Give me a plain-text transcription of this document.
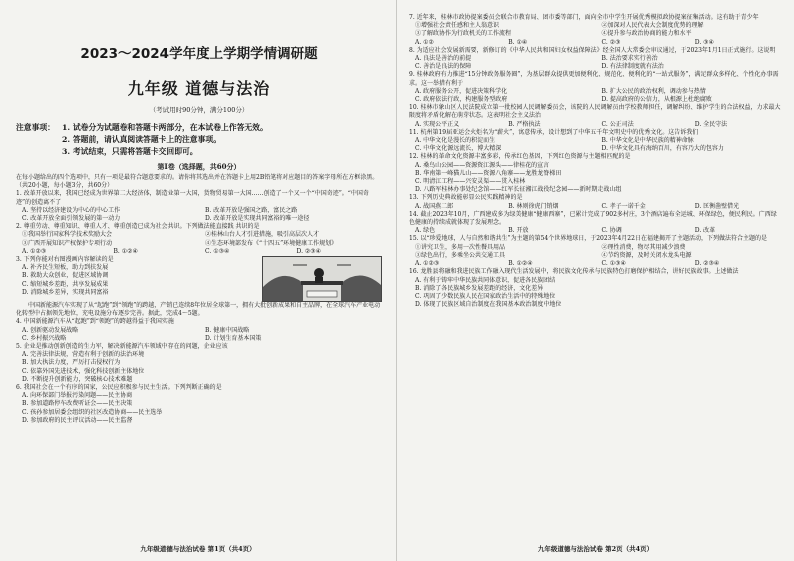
2023～2024学年度上学期学情调研题
九年级 道德与法治
（考试用时90分钟，满分100分）
注意事项： 1. 试卷分为试题卷和答题卡两部分，在本试卷上作答无效。
2. 答题前，请认真阅读答题卡上的注意事项。
3. 考试结束，只需将答题卡交回即可。
第Ⅰ卷（选择题，共60分）
在每小题给出的四个选项中，只有一项是最符合题意要求的。请你将其选出并在答题卡上用2B铅笔将对应题目的答案字母所在方框涂黑。（共20小题，每小题3分，共60分）
1. 改革开放以来，我国已经成为世界第二大经济体，制造业第一大国，货物贸易第一大国……创造了一个又一个“中国奇迹”。“中国奇迹”的创造离不了
A. 坚持以经济建设为中心的中心工作	B. 改革开放是强国之路，富民之路
C. 改革开放全面引领发展的第一动力	D. 改革开放是实现共同富裕的唯一途径
2. 尊重劳动、尊重知识、尊重人才、尊重创造已成为社会共识。下列做法能直接践 共识的是
①我国举行国家科学技术奖励大会	②桂林山台人才引进措施，吸引高层次人才
③广西开展知识产权保护专项行动	④生态环境部发布《“十四五”环境健康工作规划》
A. ①②③	B. ①②④	C. ①③④	D. ②③④
3. 下列你能对右图漫画内容解读的是
A. 补齐民生短板，助力到扶发展
B. 救助大众创业，促进区域协调
C. 缩短城乡差距，共享发展成果
D. 消除城乡差异，实现共同富裕
中国新能源汽车实现了从“起跑”到“领跑”的跨越，产销已连续8年位居全球第一，拥有大批创新成果和自主品牌，在全球汽车产业电动化转型中占据领先地位，充电设施分布逐步完善。据此，完成4～5题。
4. 中国新能源汽车从“起跑”到“领跑”的跨越得益于我国实施
A. 创新驱动发展战略	B. 健康中国战略
C. 乡村振兴战略	D. 计划生育基本国策
5. 企业是推动创新创造的生力军，解决新能源汽车领域中存在的问题，企业应该
A. 完善法律法规，营造有利于创新的法治环境
B. 加大执法力度，严厉打击侵权行为
C. 依靠外国先进技术，强化科技创新主体地位
D. 不断提升创新能力，突破核心技术难题
6. 我国社会在一个有序的国家，公民应积极参与民主生活。下列判断正确的是
A. 向环保部门举报污染问题——民主协商
B. 参加道路停车改费听证会——民主决策
C. 孩孙参加居委会组织的社区改造协商——民主选举
D. 参加政府的民主评议活动——民主监督
九年级道德与法治试卷 第1页（共4页）
7. 近年来，桂林市政协提案委员会联合市教育局、团市委等部门，面向全市中学生开展优秀模拟政协提案征集活动。这有助于青少年
①增强社会责任感和主人翁意识	②加深对人民代表大会制度优势的理解
③了解政协作为行政机关的工作流程	④提升参与政治协商的能力和水平
A. ①②	B. ①④	C. ②③	D. ③④
8. 为适应社会发展新需要，新修订的《中华人民共和国妇女权益保障法》经全国人大常委会审议通过，于2023年1月1日正式施行。这说明
A. 良法是善治的前提	B. 法治要求实行善治
C. 善治是良法的保障	D. 有法律制度就有法治
9. 桂林政府有力推进“15分钟政务服务圈”，为基层群众提供更加便利化、规范化、便利化的“一站式服务”，满足群众多样化、个性化办事需求。这一举措有利于
A. 政府服务公开，促进决策科学化	B. 扩大公民的政治权利，调动参与热情
C. 政府依法行政，构建服务型政府	D. 提高政府的公信力，从根源上杜绝腐败
10. 桂林市象山区人民法院成立第一批校园人民调解委员会，该院的人民调解员由学校教师担任，调解纠纷、维护学生的合法权益，力求最大限度将矛盾化解在萌芽状态。这表明社会主义法治
A. 实现公平正义	B. 严格执法	C. 公正司法	D. 全民守法
11. 杭州第19届亚运会火炬名为“薪火”，寓意传承，设计想到了中华五千年文明史中的优秀文化。这告诉我们
A. 中华文化是漫长的积淀而生	B. 中华文化是中华民族的精神命脉
C. 中华文化源远流长，博大精深	D. 中华文化具有海纳百川，有容乃大的包容力
12. 桂林的革命文化资源丰富多彩，传承红色基因，下列红色资源与主题相匹配的是
A. 桑鸟山公园——资源资江源头——律桂花的宣言
B. 华南第一峰猫儿山——资源八角寨——龙胜龙脊梯田
C. 明清江工程——兴安灵渠——贯入桂林
D. 八路军桂林办事处纪念馆——红军长征湘江战役纪念园——新时期走战山组
13. 下列历史典故能彰显公民实践精神的是
A. 战国燕二郎	B. 林则徐虎门销烟	C. 孝子一诺千金	D. 匡衡凿壁借光
14. 截止2023年10月，广西建成多为绿美健康“健康西寨”，已累计完成了902多村庄，3个酒店遍布全运城、环保绿色，便民利民。广西绿色健康的持续成就体现了发展理念。
A. 绿色	B. 开放	C. 协调	D. 改革
15. 以“珍爱地球，人与自然和谐共生”为主题的第54个世界地球日，于2023年4月22日在福建揭开了主题活动，下列做法符合主题的是
①讲究卫生，多用一次性餐具用品	②理性消费，物尽其用减少浪费
③绿色出行，多乘坐公共交通工具	④节约资源，及时关闭水龙头电源
A. ①②③	B. ①②④	C. ①③④	D. ②③④
16. 龙胜县将融和我进民族工作融入现代生活发展中，将民族文化传承与民族特色打磨保护相结合，讲好民族故事。上述做法
A. 有利于铸牢中华民族共同体意识，促进各民族团结
B. 消除了各民族城乡发展差距的经济，文化差异
C. 巩固了少数民族人民在国家政治生活中的特殊地位
D. 体现了民族区域自治制度在我国基本政治制度中地位
九年级道德与法治试卷 第2页（共4页）
